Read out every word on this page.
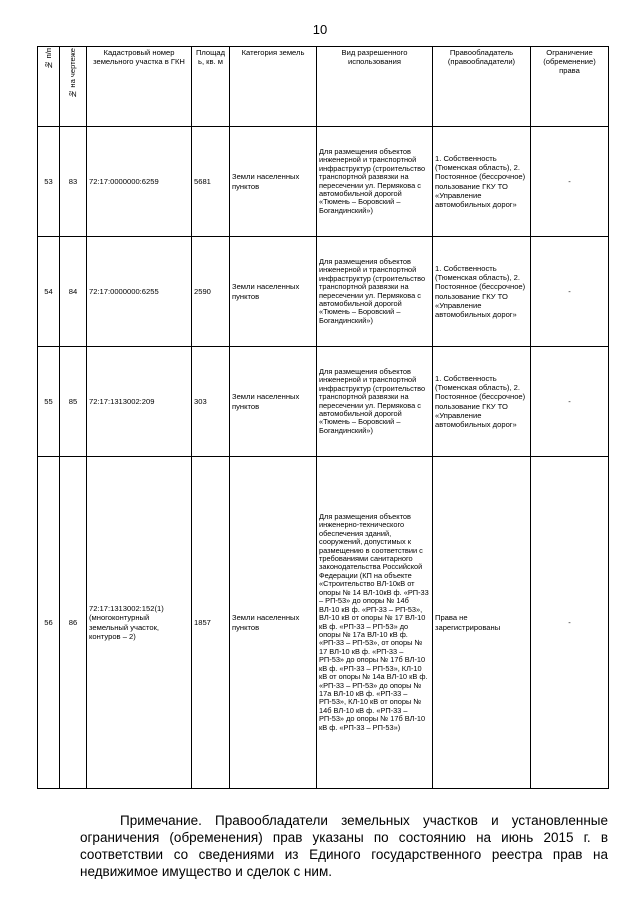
10
№ п/п	№ на чертеже	Кадастровый номер земельного участка в ГКН	Площадь, кв. м	Категория земель	Вид разрешенного использования	Правообладатель (правообладатели)	Ограничение (обременение) права
53	83	72:17:0000000:6259	5681	Земли населенных пунктов	Для размещения объектов инженерной и транспортной инфраструктур (строительство транспортной развязки на пересечении ул. Пермякова с автомобильной дорогой «Тюмень – Боровский – Богандинский»)	1. Собственность (Тюменская область), 2. Постоянное (бессрочное) пользование ГКУ ТО «Управление автомобильных дорог»	-
54	84	72:17:0000000:6255	2590	Земли населенных пунктов	Для размещения объектов инженерной и транспортной инфраструктур (строительство транспортной развязки на пересечении ул. Пермякова с автомобильной дорогой «Тюмень – Боровский – Богандинский»)	1. Собственность (Тюменская область), 2. Постоянное (бессрочное) пользование ГКУ ТО «Управление автомобильных дорог»	-
55	85	72:17:1313002:209	303	Земли населенных пунктов	Для размещения объектов инженерной и транспортной инфраструктур (строительство транспортной развязки на пересечении ул. Пермякова с автомобильной дорогой «Тюмень – Боровский – Богандинский»)	1. Собственность (Тюменская область), 2. Постоянное (бессрочное) пользование ГКУ ТО «Управление автомобильных дорог»	-
56	86	72:17:1313002:152(1) (многоконтурный земельный участок, контуров – 2)	1857	Земли населенных пунктов	Для размещения объектов инженерно-технического обеспечения зданий, сооружений, допустимых к размещению в соответствии с требованиями санитарного законодательства Российской Федерации (КП на объекте «Строительство ВЛ-10кВ от опоры № 14 ВЛ-10кВ ф. «РП-33 – РП-53» до опоры № 14б ВЛ-10 кВ ф. «РП-33 – РП-53», ВЛ-10 кВ от опоры № 17 ВЛ-10 кВ ф. «РП-33 – РП-53» до опоры № 17а ВЛ-10 кВ ф. «РП-33 – РП-53», от опоры № 17 ВЛ-10 кВ ф. «РП-33 – РП-53» до опоры № 17б ВЛ-10 кВ ф. «РП-33 – РП-53», КЛ-10 кВ от опоры № 14а ВЛ-10 кВ ф. «РП-33 – РП-53» до опоры № 17а ВЛ-10 кВ ф. «РП-33 – РП-53», КЛ-10 кВ от опоры № 14б ВЛ-10 кВ ф. «РП-33 – РП-53» до опоры № 17б ВЛ-10 кВ ф. «РП-33 – РП-53»)	Права не зарегистрированы	-

Примечание. Правообладатели земельных участков и установленные ограничения (обременения) прав указаны по состоянию на июнь 2015 г. в соответствии со сведениями из Единого государственного реестра прав на недвижимое имущество и сделок с ним.
